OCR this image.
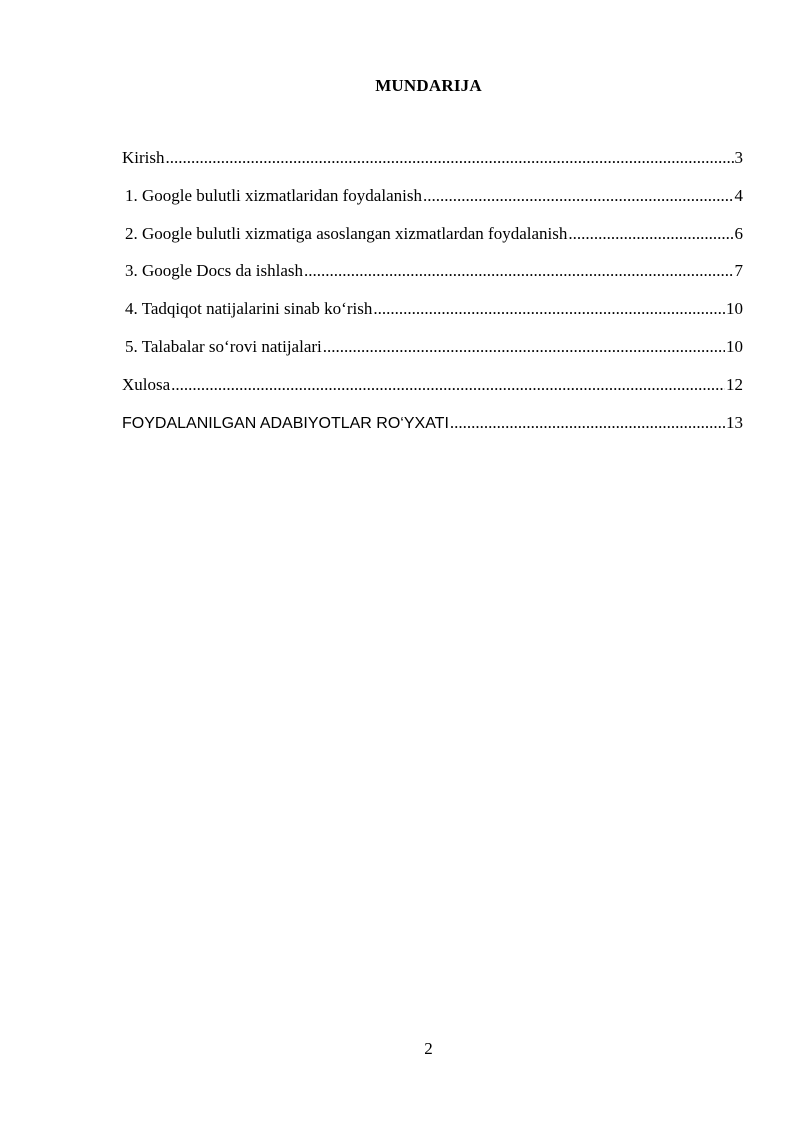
MUNDARIJA
Kirish .....	3
1. Google bulutli xizmatlaridan foydalanish .....	4
2. Google bulutli xizmatiga asoslangan xizmatlardan foydalanish .....	6
3. Google Docs da ishlash .....	7
4. Tadqiqot natijalarini sinab ko‘rish .....	10
5. Talabalar so‘rovi natijalari .....	10
Xulosa .....	12
FOYDALANILGAN ADABIYOTLAR RO‘YXATI .....	13
2
